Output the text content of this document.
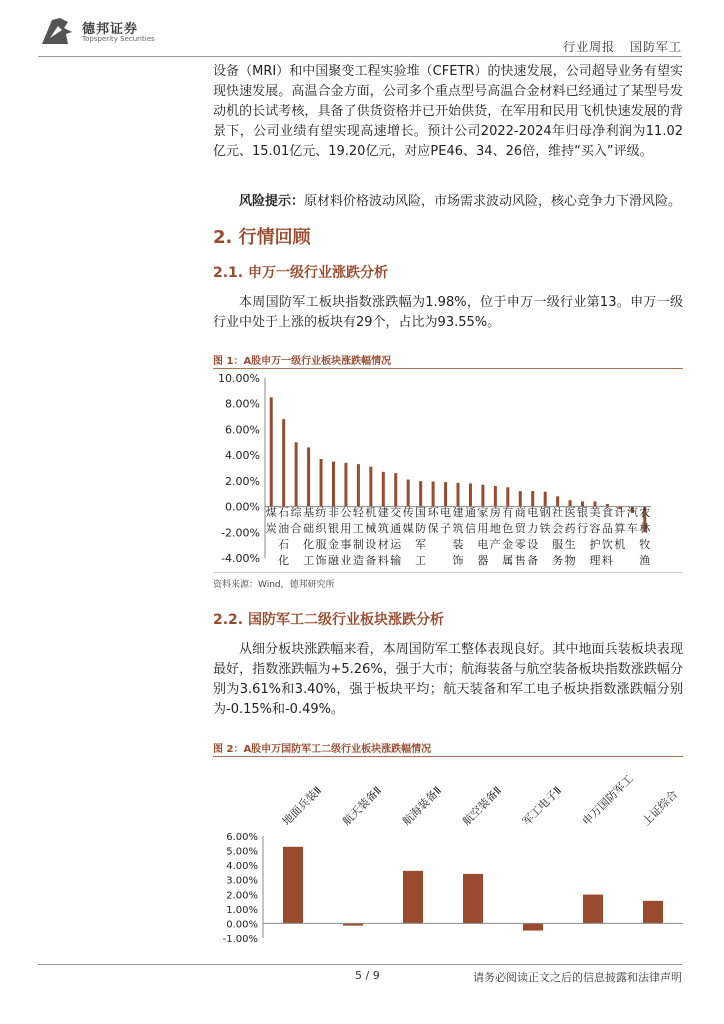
德邦证券
Topsperity Securities
行业周报 国防军工

设备（MRI）和中国聚变工程实验堆（CFETR）的快速发展，公司超导业务有望实现快速发展。高温合金方面，公司多个重点型号高温合金材料已经通过了某型号发动机的长试考核，具备了供货资格并已开始供货，在军用和民用飞机快速发展的背景下，公司业绩有望实现高速增长。预计公司2022-2024年归母净利润为11.02亿元、15.01亿元、19.20亿元，对应PE46、34、26倍，维持“买入”评级。

风险提示：原材料价格波动风险，市场需求波动风险，核心竞争力下滑风险。

2. 行情回顾
2.1. 申万一级行业涨跌分析

本周国防军工板块指数涨跌幅为1.98%，位于申万一级行业第13。申万一级行业中处于上涨的板块有29个，占比为93.55%。

图 1：A股申万一级行业板块涨跌幅情况
-4.00%
-2.00%
0.00%
2.00%
4.00%
6.00%
8.00%
10.00%
煤
炭
石
油
石
化
综
合
基
础
化
工
纺
织
服
饰
非
银
金
融
公
用
事
业
轻
工
制
造
机
械
设
备
建
筑
材
料
交
通
运
输
传
媒
国
防
军
工
环
保
电
子
建
筑
装
饰
通
信
家
用
电
器
房
地
产
有
色
金
属
商
贸
零
售
电
力
设
备
钢
铁
社
会
服
务
医
药
生
物
银
行
美
容
护
理
食
品
饮
料
计
算
机
汽
车
农
林
牧
渔
资料来源：Wind，德邦研究所
2.2. 国防军工二级行业板块涨跌分析

从细分板块涨跌幅来看，本周国防军工整体表现良好。其中地面兵装板块表现最好，指数涨跌幅为+5.26%，强于大市；航海装备与航空装备板块指数涨跌幅分别为3.61%和3.40%，强于板块平均；航天装备和军工电子板块指数涨跌幅分别为-0.15%和-0.49%。

图 2：A股申万国防军工二级行业板块涨跌幅情况
-1.00%
0.00%
1.00%
2.00%
3.00%
4.00%
5.00%
6.00%
地面兵装Ⅱ 航天装备Ⅱ 航海装备Ⅱ 航空装备Ⅱ 军工电子Ⅱ 申万国防军工 上证综合
5 / 9	请务必阅读正文之后的信息披露和法律声明
